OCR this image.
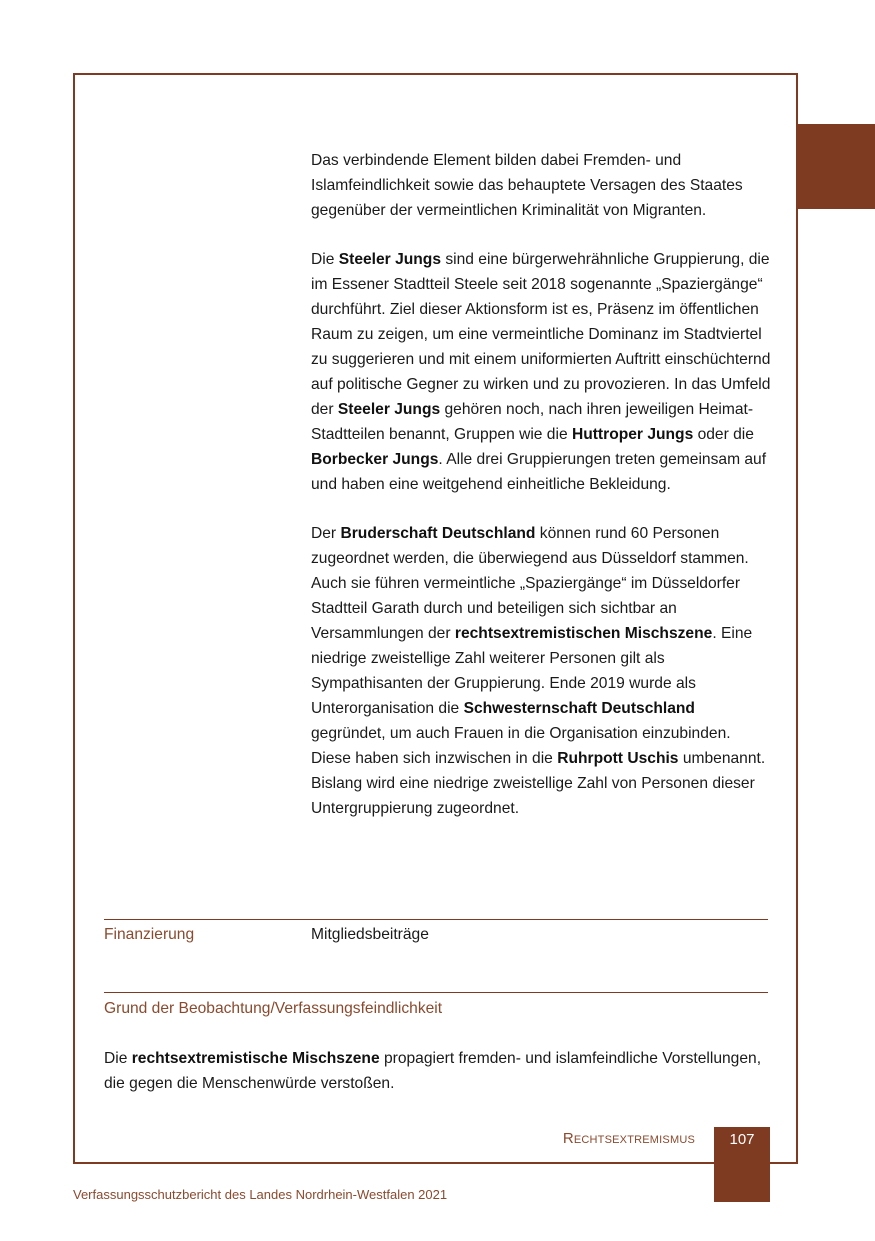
Das verbindende Element bilden dabei Fremden- und Islamfeindlichkeit sowie das behauptete Versagen des Staates gegenüber der vermeintlichen Kriminalität von Migranten.

Die Steeler Jungs sind eine bürgerwehrähnliche Gruppierung, die im Essener Stadtteil Steele seit 2018 sogenannte „Spaziergänge“ durchführt. Ziel dieser Aktionsform ist es, Präsenz im öffentlichen Raum zu zeigen, um eine vermeintliche Dominanz im Stadtviertel zu suggerieren und mit einem uniformierten Auftritt einschüchternd auf politische Gegner zu wirken und zu provozieren. In das Umfeld der Steeler Jungs gehören noch, nach ihren jeweiligen Heimat-Stadtteilen benannt, Gruppen wie die Huttroper Jungs oder die Borbecker Jungs. Alle drei Gruppierungen treten gemeinsam auf und haben eine weitgehend einheitliche Bekleidung.

Der Bruderschaft Deutschland können rund 60 Personen zugeordnet werden, die überwiegend aus Düsseldorf stammen. Auch sie führen vermeintliche „Spaziergänge“ im Düsseldorfer Stadtteil Garath durch und beteiligen sich sichtbar an Versammlungen der rechtsextremistischen Mischszene. Eine niedrige zweistellige Zahl weiterer Personen gilt als Sympathisanten der Gruppierung. Ende 2019 wurde als Unterorganisation die Schwesternschaft Deutschland gegründet, um auch Frauen in die Organisation einzubinden. Diese haben sich inzwischen in die Ruhrpott Uschis umbenannt. Bislang wird eine niedrige zweistellige Zahl von Personen dieser Untergruppierung zugeordnet.

Finanzierung	Mitgliedsbeiträge
Grund der Beobachtung/Verfassungsfeindlichkeit
Die rechtsextremistische Mischszene propagiert fremden- und islamfeindliche Vorstellungen, die gegen die Menschenwürde verstoßen.
Rechtsextremismus	107
Verfassungsschutzbericht des Landes Nordrhein-Westfalen 2021
